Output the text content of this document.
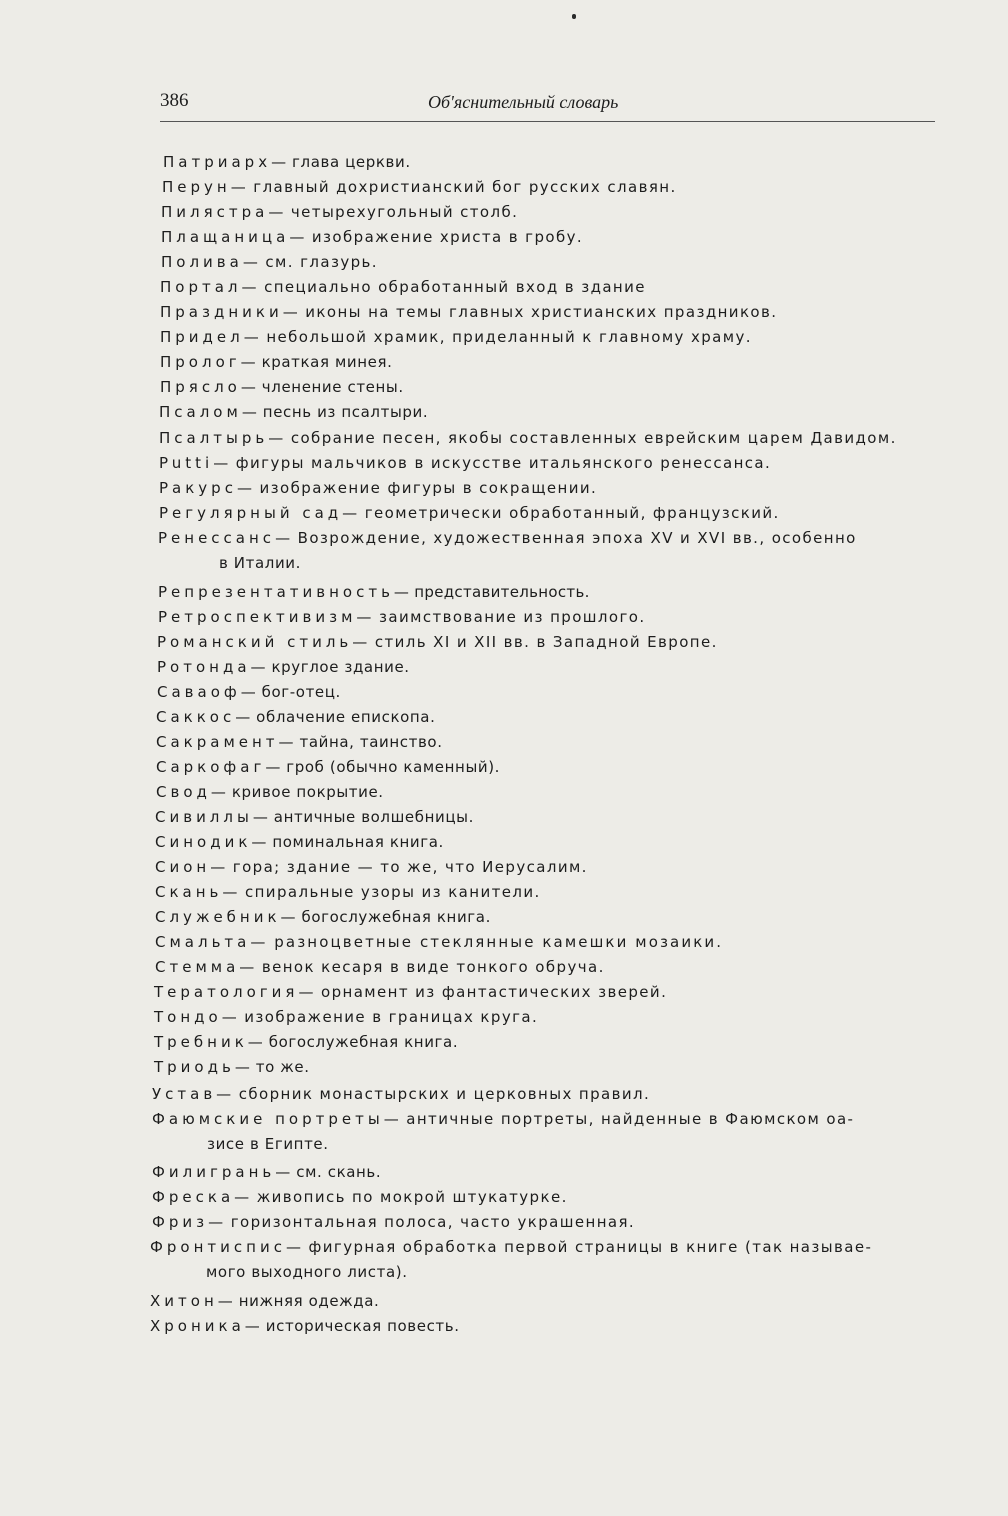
386	Об'яснительный словарь
Патриарх— глава церкви.
Перун— главный дохристианский бог русских славян.
Пилястра— четырехугольный столб.
Плащаница— изображение христа в гробу.
Полива— см. глазурь.
Портал— специально обработанный вход в здание
Праздники— иконы на темы главных христианских праздников.
Придел— небольшой храмик, приделанный к главному храму.
Пролог— краткая минея.
Прясло— членение стены.
Псалом— песнь из псалтыри.
Псалтырь— собрание песен, якобы составленных еврейским царем Давидом.
Putti— фигуры мальчиков в искусстве итальянского ренессанса.
Ракурс— изображение фигуры в сокращении.
Регулярный сад— геометрически обработанный, французский.
Ренессанс— Возрождение, художественная эпоха XV и XVI вв., особенно
в Италии.
Репрезентативность— представительность.
Ретроспективизм— заимствование из прошлого.
Романский стиль— стиль XI и XII вв. в Западной Европе.
Ротонда— круглое здание.
Саваоф— бог-отец.
Саккос— облачение епископа.
Сакрамент— тайна, таинство.
Саркофаг— гроб (обычно каменный).
Свод— кривое покрытие.
Сивиллы— античные волшебницы.
Синодик— поминальная книга.
Сион— гора; здание — то же, что Иерусалим.
Скань— спиральные узоры из канители.
Служебник— богослужебная книга.
Смальта— разноцветные стеклянные камешки мозаики.
Стемма— венок кесаря в виде тонкого обруча.
Тератология— орнамент из фантастических зверей.
Тондо— изображение в границах круга.
Требник— богослужебная книга.
Триодь— то же.
Устав— сборник монастырских и церковных правил.
Фаюмские портреты— античные портреты, найденные в Фаюмском оа-
зисе в Египте.
Филигрань— см. скань.
Фреска— живопись по мокрой штукатурке.
Фриз— горизонтальная полоса, часто украшенная.
Фронтиспис— фигурная обработка первой страницы в книге (так называе-
мого выходного листа).
Хитон— нижняя одежда.
Хроника— историческая повесть.
